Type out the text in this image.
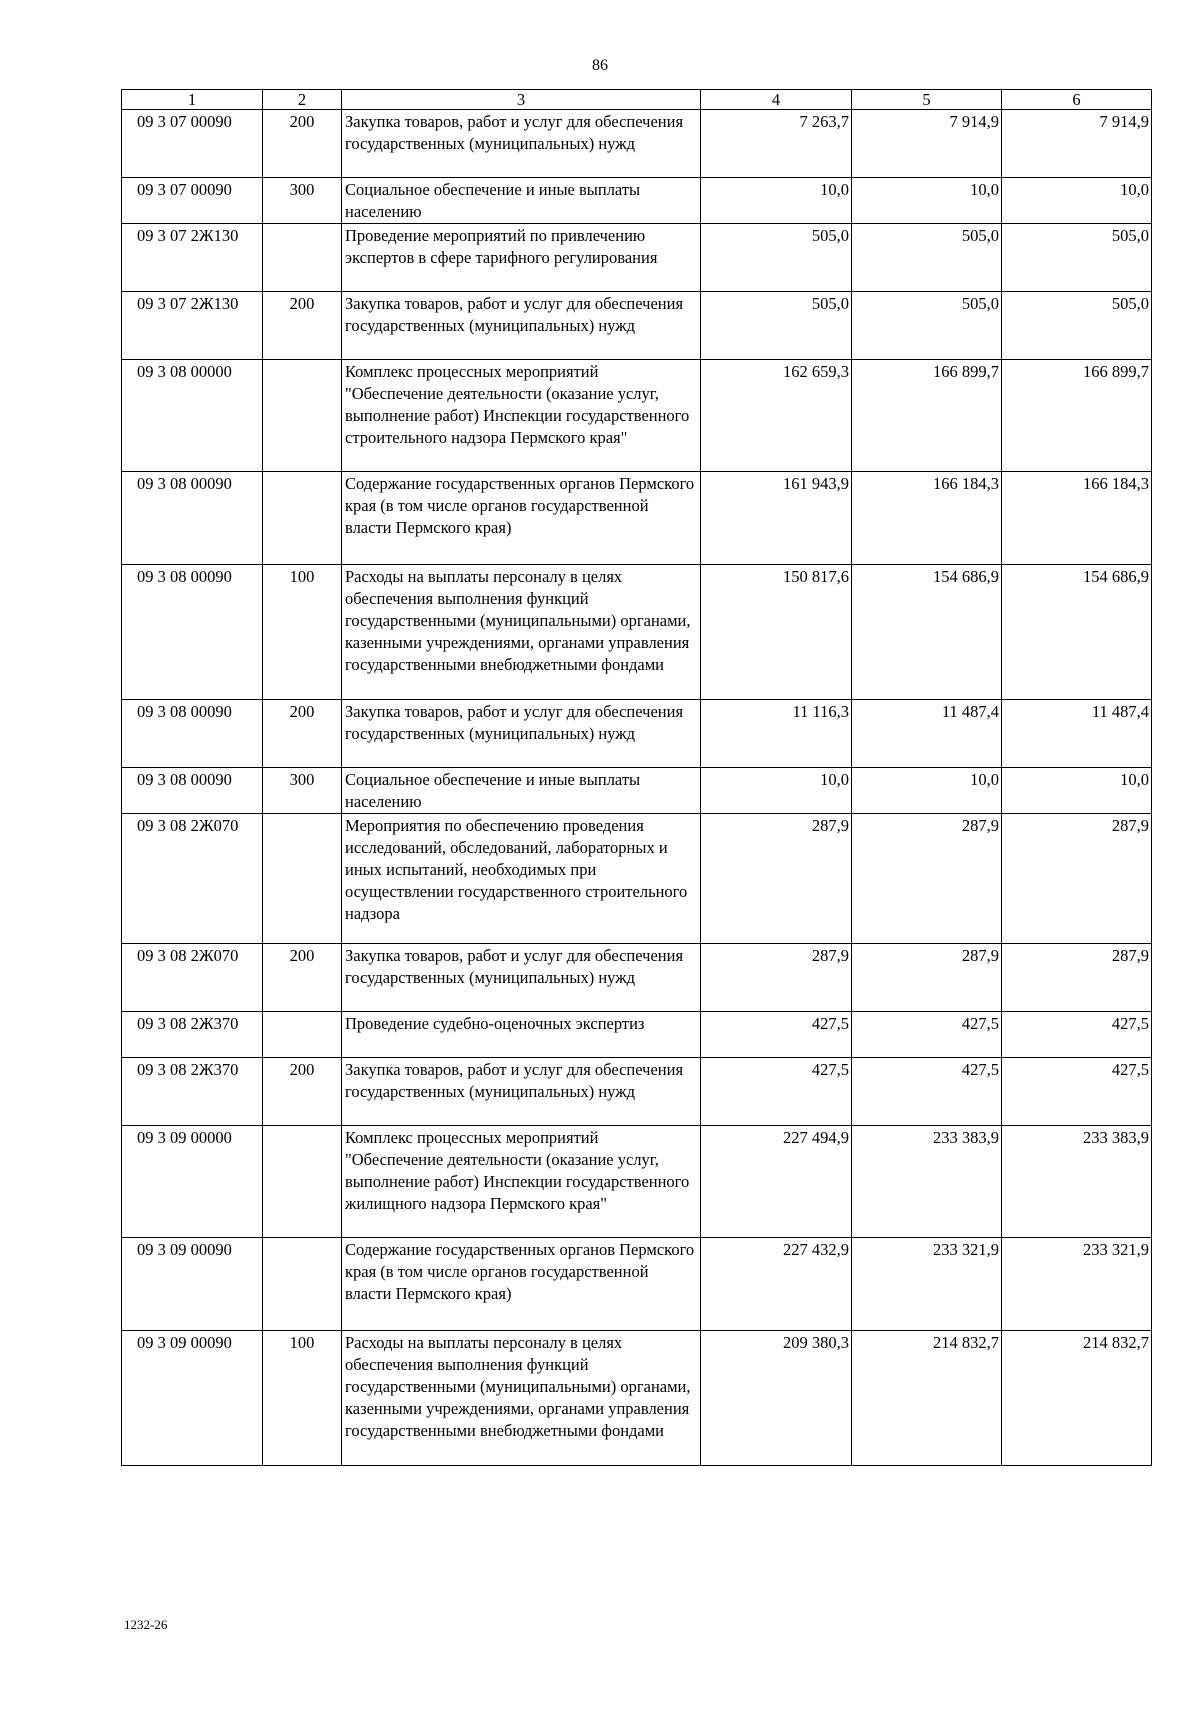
86
1	2	3	4	5	6
09 3 07 00090	200	Закупка товаров, работ и услуг для обеспечения государственных (муниципальных) нужд	7 263,7	7 914,9	7 914,9
09 3 07 00090	300	Социальное обеспечение и иные выплаты населению	10,0	10,0	10,0
09 3 07 2Ж130		Проведение мероприятий по привлечению экспертов в сфере тарифного регулирования	505,0	505,0	505,0
09 3 07 2Ж130	200	Закупка товаров, работ и услуг для обеспечения государственных (муниципальных) нужд	505,0	505,0	505,0
09 3 08 00000		Комплекс процессных мероприятий "Обеспечение деятельности (оказание услуг, выполнение работ) Инспекции государственного строительного надзора Пермского края"	162 659,3	166 899,7	166 899,7
09 3 08 00090		Содержание государственных органов Пермского края (в том числе органов государственной власти Пермского края)	161 943,9	166 184,3	166 184,3
09 3 08 00090	100	Расходы на выплаты персоналу в целях обеспечения выполнения функций государственными (муниципальными) органами, казенными учреждениями, органами управления государственными внебюджетными фондами	150 817,6	154 686,9	154 686,9
09 3 08 00090	200	Закупка товаров, работ и услуг для обеспечения государственных (муниципальных) нужд	11 116,3	11 487,4	11 487,4
09 3 08 00090	300	Социальное обеспечение и иные выплаты населению	10,0	10,0	10,0
09 3 08 2Ж070		Мероприятия по обеспечению проведения исследований, обследований, лабораторных и иных испытаний, необходимых при осуществлении государственного строительного надзора	287,9	287,9	287,9
09 3 08 2Ж070	200	Закупка товаров, работ и услуг для обеспечения государственных (муниципальных) нужд	287,9	287,9	287,9
09 3 08 2Ж370		Проведение судебно-оценочных экспертиз	427,5	427,5	427,5
09 3 08 2Ж370	200	Закупка товаров, работ и услуг для обеспечения государственных (муниципальных) нужд	427,5	427,5	427,5
09 3 09 00000		Комплекс процессных мероприятий "Обеспечение деятельности (оказание услуг, выполнение работ) Инспекции государственного жилищного надзора Пермского края"	227 494,9	233 383,9	233 383,9
09 3 09 00090		Содержание государственных органов Пермского края (в том числе органов государственной власти Пермского края)	227 432,9	233 321,9	233 321,9
09 3 09 00090	100	Расходы на выплаты персоналу в целях обеспечения выполнения функций государственными (муниципальными) органами, казенными учреждениями, органами управления государственными внебюджетными фондами	209 380,3	214 832,7	214 832,7
1232-26
